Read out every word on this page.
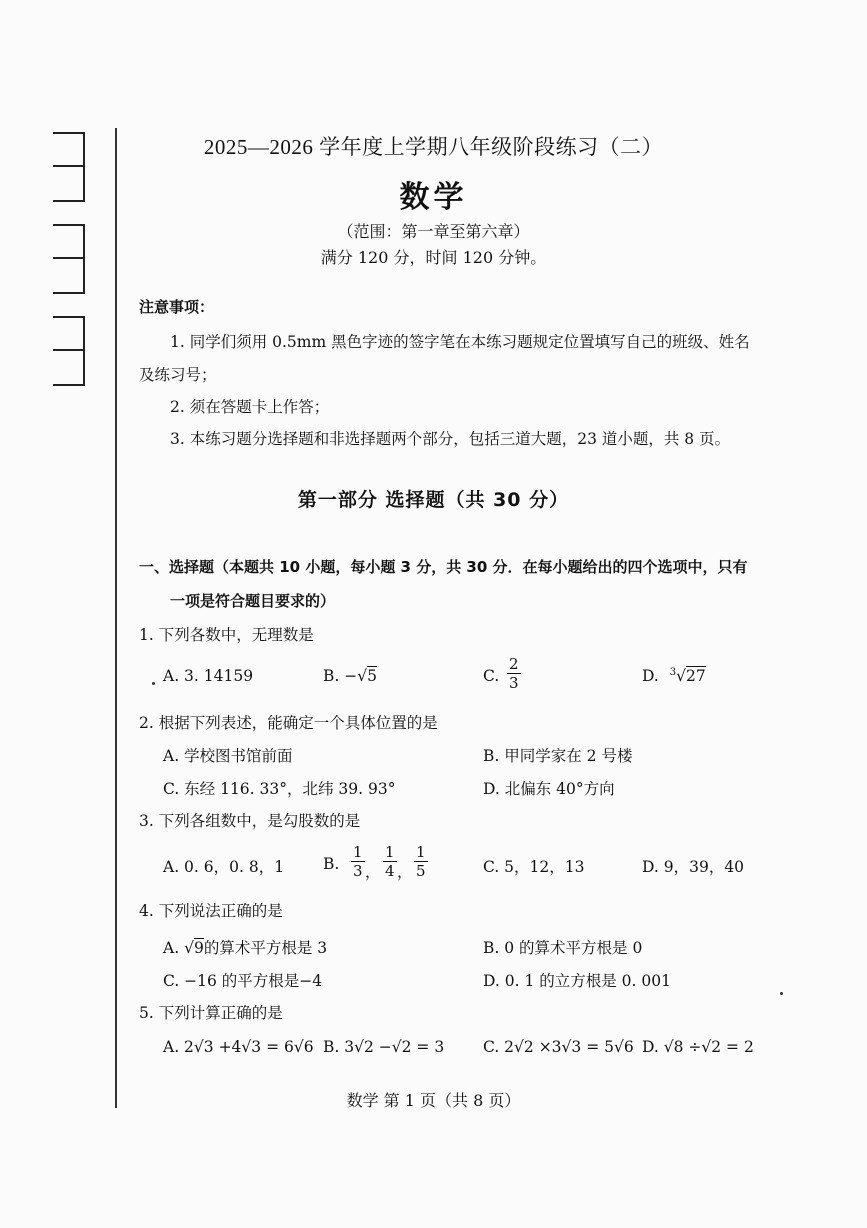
2025—2026 学年度上学期八年级阶段练习（二）
数学
（范围：第一章至第六章）
满分 120 分，时间 120 分钟。
注意事项：
1. 同学们须用 0.5mm 黑色字迹的签字笔在本练习题规定位置填写自己的班级、姓名
及练习号；
2. 须在答题卡上作答；
3. 本练习题分选择题和非选择题两个部分，包括三道大题，23 道小题，共 8 页。
第一部分 选择题（共 30 分）
一、选择题（本题共 10 小题，每小题 3 分，共 30 分．在每小题给出的四个选项中，只有
一项是符合题目要求的）
1. 下列各数中，无理数是
A. 3. 14159	B. −√5	C. $\frac{2}{3}$	D. $^3$√27
2. 根据下列表述，能确定一个具体位置的是
A. 学校图书馆前面	B. 甲同学家在 2 号楼
C. 东经 116. 33°，北纬 39. 93°	D. 北偏东 40°方向
3. 下列各组数中，是勾股数的是
A. 0. 6，0. 8，1	B. $\frac{1}{3}$ ， $\frac{1}{4}$ ， $\frac{1}{5}$	C. 5，12，13	D. 9，39，40
4. 下列说法正确的是
A. √9的算术平方根是 3	B. 0 的算术平方根是 0
C. −16 的平方根是−4	D. 0. 1 的立方根是 0. 001
5. 下列计算正确的是
A. 2√3 +4√3 = 6√6 B. 3√2 −√2 = 3	C. 2√2 ×3√3 = 5√6 D. √8 ÷√2 = 2
数学 第 1 页（共 8 页）
